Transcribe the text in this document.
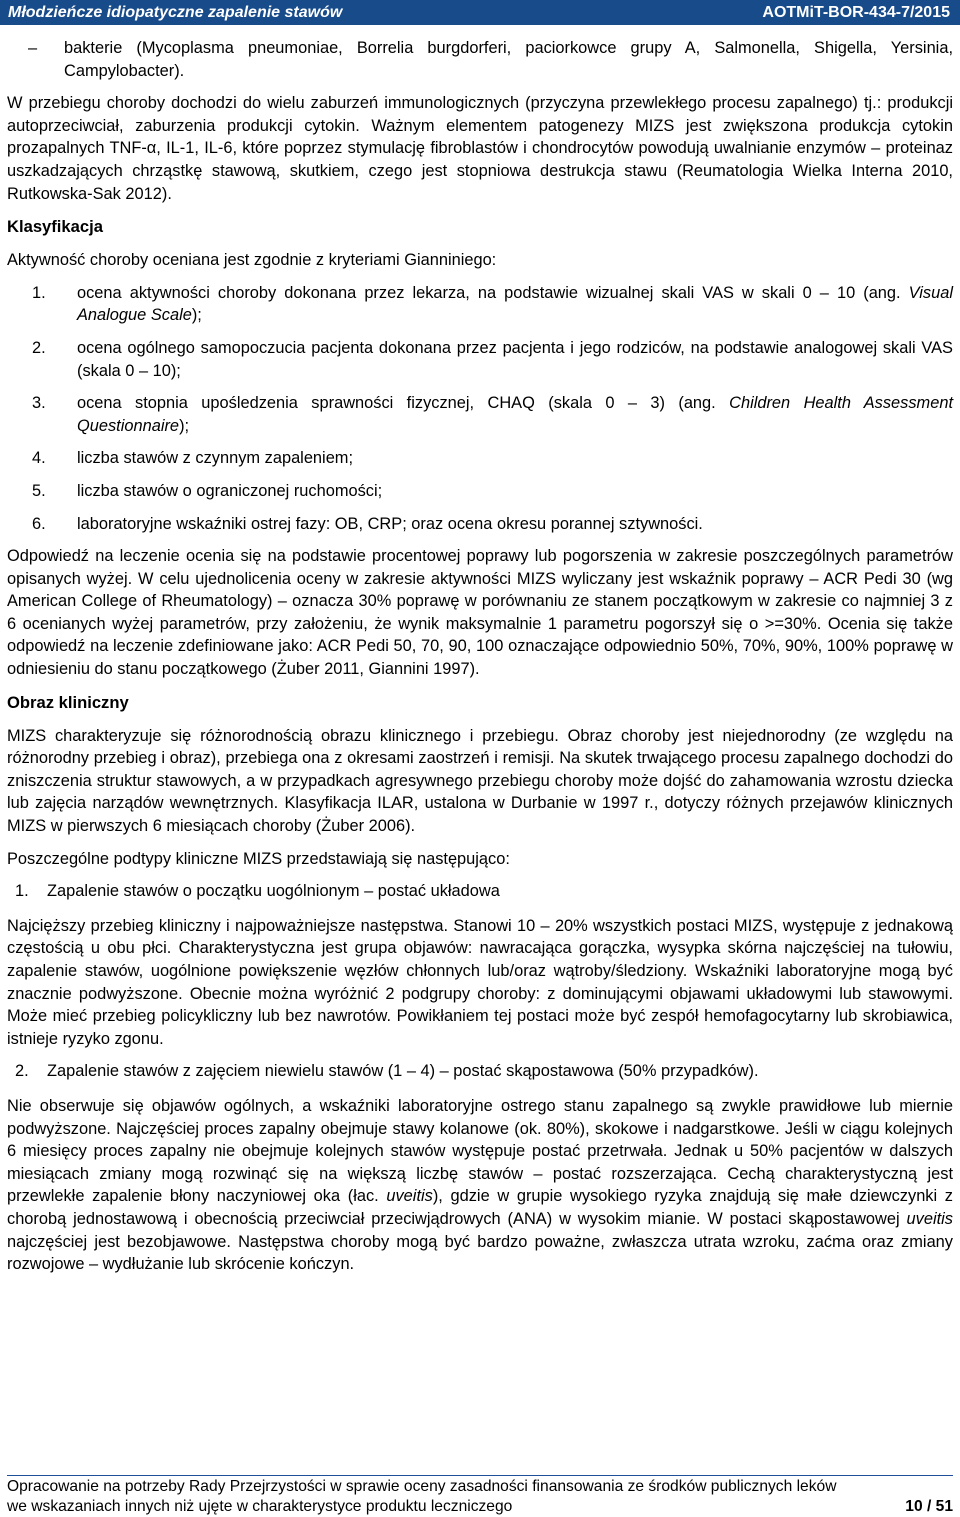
Młodzieńcze idiopatyczne zapalenie stawów	AOTMiT-BOR-434-7/2015
–	bakterie (Mycoplasma pneumoniae, Borrelia burgdorferi, paciorkowce grupy A, Salmonella, Shigella, Yersinia, Campylobacter).

W przebiegu choroby dochodzi do wielu zaburzeń immunologicznych (przyczyna przewlekłego procesu zapalnego) tj.: produkcji autoprzeciwciał, zaburzenia produkcji cytokin. Ważnym elementem patogenezy MIZS jest zwiększona produkcja cytokin prozapalnych TNF-α, IL-1, IL-6, które poprzez stymulację fibroblastów i chondrocytów powodują uwalnianie enzymów – proteinaz uszkadzających chrząstkę stawową, skutkiem, czego jest stopniowa destrukcja stawu (Reumatologia Wielka Interna 2010, Rutkowska-Sak 2012).

Klasyfikacja

Aktywność choroby oceniana jest zgodnie z kryteriami Gianniniego:

1.	ocena aktywności choroby dokonana przez lekarza, na podstawie wizualnej skali VAS w skali 0 – 10 (ang. Visual Analogue Scale);
2.	ocena ogólnego samopoczucia pacjenta dokonana przez pacjenta i jego rodziców, na podstawie analogowej skali VAS (skala 0 – 10);
3.	ocena stopnia upośledzenia sprawności fizycznej, CHAQ (skala 0 – 3) (ang. Children Health Assessment Questionnaire);
4.	liczba stawów z czynnym zapaleniem;
5.	liczba stawów o ograniczonej ruchomości;
6.	laboratoryjne wskaźniki ostrej fazy: OB, CRP; oraz ocena okresu porannej sztywności.

Odpowiedź na leczenie ocenia się na podstawie procentowej poprawy lub pogorszenia w zakresie poszczególnych parametrów opisanych wyżej. W celu ujednolicenia oceny w zakresie aktywności MIZS wyliczany jest wskaźnik poprawy – ACR Pedi 30 (wg American College of Rheumatology) – oznacza 30% poprawę w porównaniu ze stanem początkowym w zakresie co najmniej 3 z 6 ocenianych wyżej parametrów, przy założeniu, że wynik maksymalnie 1 parametru pogorszył się o >=30%. Ocenia się także odpowiedź na leczenie zdefiniowane jako: ACR Pedi 50, 70, 90, 100 oznaczające odpowiednio 50%, 70%, 90%, 100% poprawę w odniesieniu do stanu początkowego (Żuber 2011, Giannini 1997).

Obraz kliniczny

MIZS charakteryzuje się różnorodnością obrazu klinicznego i przebiegu. Obraz choroby jest niejednorodny (ze względu na różnorodny przebieg i obraz), przebiega ona z okresami zaostrzeń i remisji. Na skutek trwającego procesu zapalnego dochodzi do zniszczenia struktur stawowych, a w przypadkach agresywnego przebiegu choroby może dojść do zahamowania wzrostu dziecka lub zajęcia narządów wewnętrznych. Klasyfikacja ILAR, ustalona w Durbanie w 1997 r., dotyczy różnych przejawów klinicznych MIZS w pierwszych 6 miesiącach choroby (Żuber 2006).

Poszczególne podtypy kliniczne MIZS przedstawiają się następująco:

1.	Zapalenie stawów o początku uogólnionym – postać układowa

Najcięższy przebieg kliniczny i najpoważniejsze następstwa. Stanowi 10 – 20% wszystkich postaci MIZS, występuje z jednakową częstością u obu płci. Charakterystyczna jest grupa objawów: nawracająca gorączka, wysypka skórna najczęściej na tułowiu, zapalenie stawów, uogólnione powiększenie węzłów chłonnych lub/oraz wątroby/śledziony. Wskaźniki laboratoryjne mogą być znacznie podwyższone. Obecnie można wyróżnić 2 podgrupy choroby: z dominującymi objawami układowymi lub stawowymi. Może mieć przebieg policykliczny lub bez nawrotów. Powikłaniem tej postaci może być zespół hemofagocytarny lub skrobiawica, istnieje ryzyko zgonu.

2.	Zapalenie stawów z zajęciem niewielu stawów (1 – 4) – postać skąpostawowa (50% przypadków).

Nie obserwuje się objawów ogólnych, a wskaźniki laboratoryjne ostrego stanu zapalnego są zwykle prawidłowe lub miernie podwyższone. Najczęściej proces zapalny obejmuje stawy kolanowe (ok. 80%), skokowe i nadgarstkowe. Jeśli w ciągu kolejnych 6 miesięcy proces zapalny nie obejmuje kolejnych stawów występuje postać przetrwała. Jednak u 50% pacjentów w dalszych miesiącach zmiany mogą rozwinąć się na większą liczbę stawów – postać rozszerzająca. Cechą charakterystyczną jest przewlekłe zapalenie błony naczyniowej oka (łac. uveitis), gdzie w grupie wysokiego ryzyka znajdują się małe dziewczynki z chorobą jednostawową i obecnością przeciwciał przeciwjądrowych (ANA) w wysokim mianie. W postaci skąpostawowej uveitis najczęściej jest bezobjawowe. Następstwa choroby mogą być bardzo poważne, zwłaszcza utrata wzroku, zaćma oraz zmiany rozwojowe – wydłużanie lub skrócenie kończyn.

Opracowanie na potrzeby Rady Przejrzystości w sprawie oceny zasadności finansowania ze środków publicznych leków
we wskazaniach innych niż ujęte w charakterystyce produktu leczniczego	10 / 51
